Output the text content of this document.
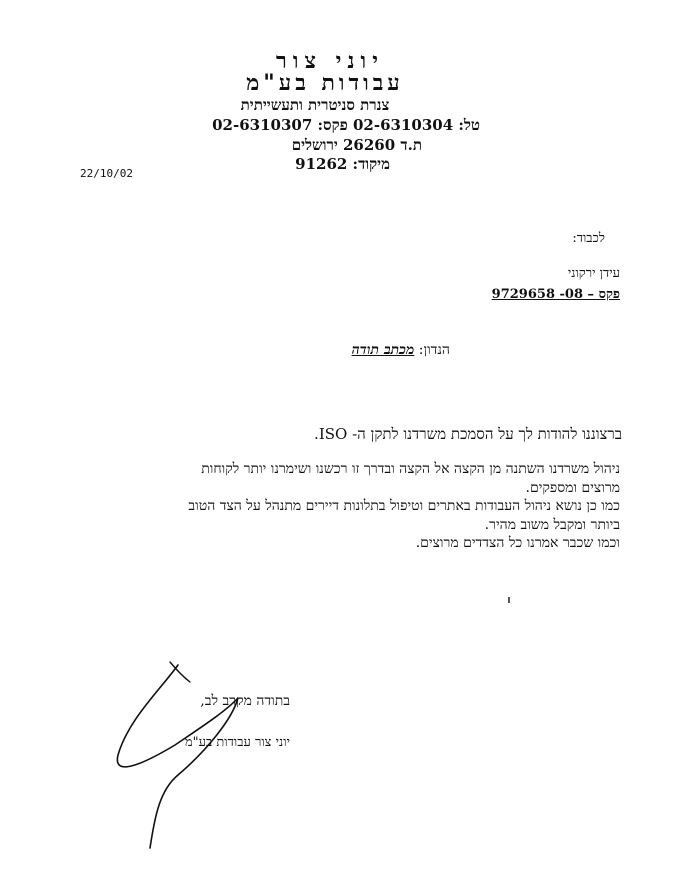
יוני צור
עבודות בע"מ
צנרת סניטרית ותעשייתית
טל: 02-6310304 פקס: 02-6310307
ת.ד 26260 ירושלים
מיקוד: 91262
22/10/02
לכבוד:
עידן ירקוני
פקס – 08- 9729658
הנדון: מכתב תודה
ברצוננו להודות לך על הסמכת משרדנו לתקן ה- ISO.
ניהול משרדנו השתנה מן הקצה אל הקצה ובדרך זו רכשנו ושימרנו יותר לקוחות
מרוצים ומספקים.
כמו כן נושא ניהול העבודות באתרים וטיפול בתלונות דיירים מתנהל על הצד הטוב
ביותר ומקבל משוב מהיר.
וכמו שכבר אמרנו כל הצדדים מרוצים.
בתודה מקרב לב,
יוני צור עבודות בע"מ
